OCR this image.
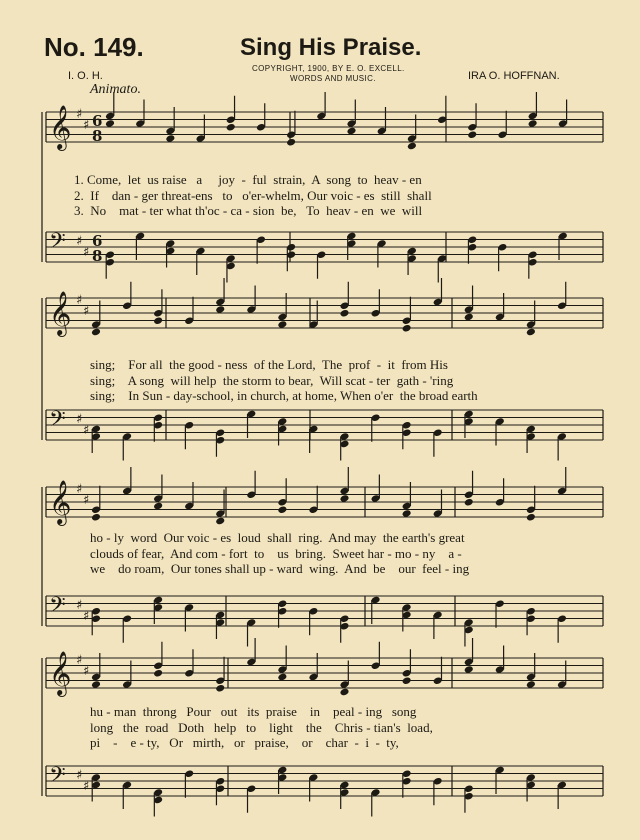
No. 149.	Sing His Praise.
COPYRIGHT, 1900, BY E. O. EXCELL.
WORDS AND MUSIC.
I. O. H.	IRA O. HOFFNAN.
Animato.
𝄞 ♯
♯ 6
8
𝄢 ♯
♯
6
8
𝄞 ♯
♯
𝄢 ♯
♯
𝄞 ♯
♯
𝄢 ♯
♯
𝄞 ♯
♯
𝄢 ♯
♯
1. Come,  let  us raise   a     joy  -  ful  strain,  A  song  to  heav - en
2.  If    dan - ger threat-ens   to   o'er-whelm, Our voic - es  still  shall
3.  No    mat - ter what th'oc - ca - sion  be,   To  heav - en  we  will
sing;    For all  the good - ness  of the Lord,  The  prof  -  it  from His
sing;    A song  will help  the storm to bear,  Will scat - ter  gath - 'ring
sing;    In Sun - day-school, in church, at home, When o'er  the broad earth
ho - ly  word  Our voic - es  loud  shall  ring.  And may  the earth's great
clouds of fear,  And com - fort  to    us  bring.  Sweet har - mo - ny    a -
we    do roam,  Our tones shall up - ward  wing.  And  be    our  feel - ing
hu - man  throng   Pour   out   its  praise    in    peal - ing   song
long   the  road   Doth   help   to    light    the    Chris - tian's  load,
pi    -    e - ty,   Or   mirth,   or   praise,    or    char  -  i  -  ty,
